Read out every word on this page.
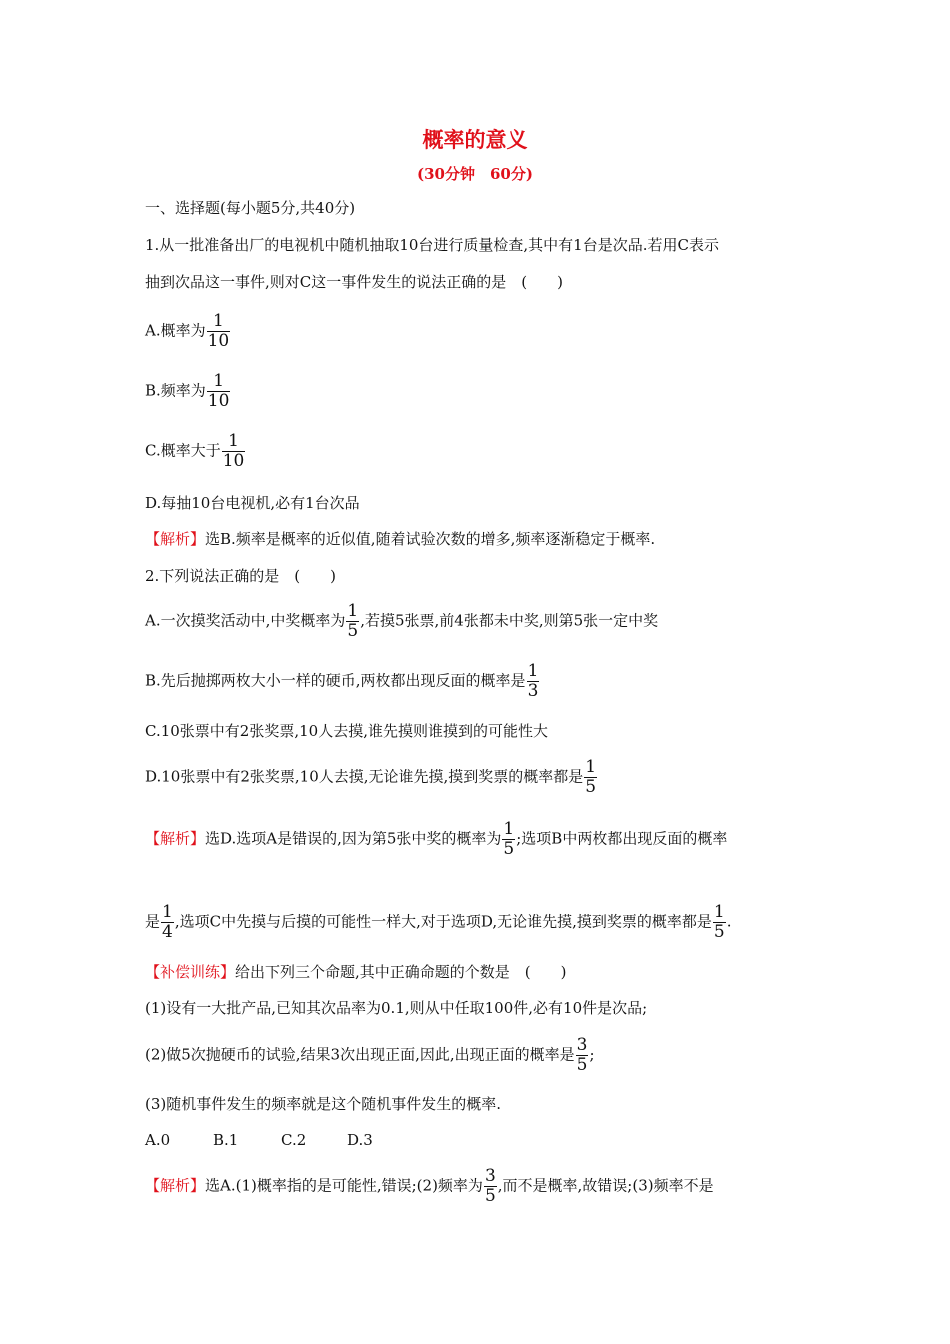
概率的意义
(30分钟　60分)
一、选择题(每小题5分,共40分)
1.从一批准备出厂的电视机中随机抽取10台进行质量检查,其中有1台是次品.若用C表示
抽到次品这一事件,则对C这一事件发生的说法正确的是　(　　)
A.概率为 $\frac{1}{10}$
B.频率为 $\frac{1}{10}$
C.概率大于 $\frac{1}{10}$
D.每抽10台电视机,必有1台次品
【解析】选B.频率是概率的近似值,随着试验次数的增多,频率逐渐稳定于概率.
2.下列说法正确的是　(　　)
A.一次摸奖活动中,中奖概率为 $\frac{1}{5}$ ,若摸5张票,前4张都未中奖,则第5张一定中奖
B.先后抛掷两枚大小一样的硬币,两枚都出现反面的概率是 $\frac{1}{3}$
C.10张票中有2张奖票,10人去摸,谁先摸则谁摸到的可能性大
D.10张票中有2张奖票,10人去摸,无论谁先摸,摸到奖票的概率都是 $\frac{1}{5}$
【解析】选D.选项A是错误的,因为第5张中奖的概率为 $\frac{1}{5}$ ;选项B中两枚都出现反面的概率
是 $\frac{1}{4}$ ,选项C中先摸与后摸的可能性一样大,对于选项D,无论谁先摸,摸到奖票的概率都是 $\frac{1}{5}$ .
【补偿训练】给出下列三个命题,其中正确命题的个数是　(　　)
(1)设有一大批产品,已知其次品率为0.1,则从中任取100件,必有10件是次品;
(2)做5次抛硬币的试验,结果3次出现正面,因此,出现正面的概率是 $\frac{3}{5}$ ;
(3)随机事件发生的频率就是这个随机事件发生的概率.
A.0	B.1	C.2	D.3
【解析】选A.(1)概率指的是可能性,错误;(2)频率为 $\frac{3}{5}$ ,而不是概率,故错误;(3)频率不是
